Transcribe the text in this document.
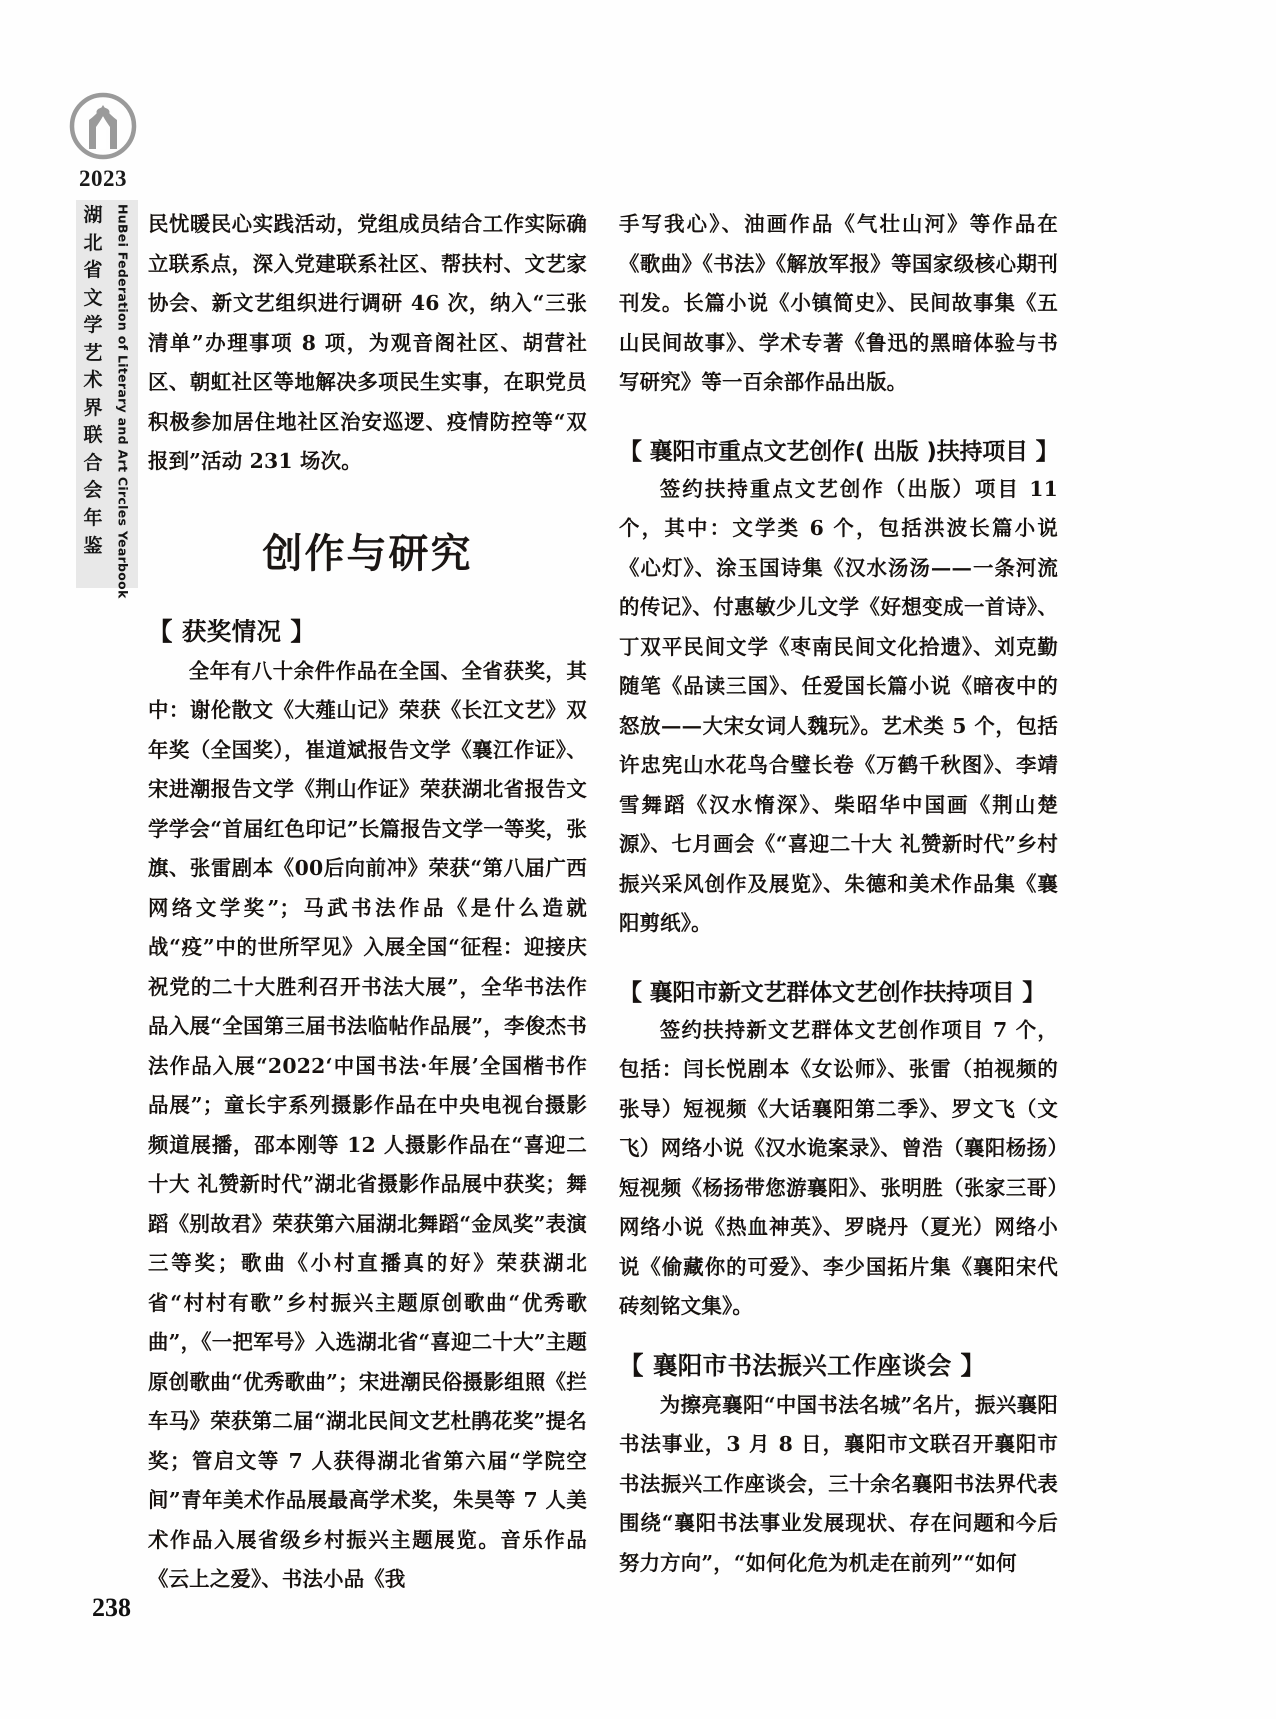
2023
湖
北
省
文
学
艺
术
界
联
合
会
年
鉴 HuBei Federation of Literary and Art Circles Yearbook
238

民忧暖民心实践活动，党组成员结合工作实际确立联系点，深入党建联系社区、帮扶村、文艺家协会、新文艺组织进行调研 46 次，纳入“三张清单”办理事项 8 项，为观音阁社区、胡营社区、朝虹社区等地解决多项民生实事，在职党员积极参加居住地社区治安巡逻、疫情防控等“双报到”活动 231 场次。

创作与研究
【 获奖情况 】

全年有八十余件作品在全国、全省获奖，其中：谢伦散文《大薤山记》荣获《长江文艺》双年奖（全国奖），崔道斌报告文学《襄江作证》、宋进潮报告文学《荆山作证》荣获湖北省报告文学学会“首届红色印记”长篇报告文学一等奖，张旗、张雷剧本《00后向前冲》荣获“第八届广西网络文学奖”；马武书法作品《是什么造就战“疫”中的世所罕见》入展全国“征程：迎接庆祝党的二十大胜利召开书法大展”，全华书法作品入展“全国第三届书法临帖作品展”，李俊杰书法作品入展“2022‘中国书法·年展’全国楷书作品展”；童长宇系列摄影作品在中央电视台摄影频道展播，邵本刚等 12 人摄影作品在“喜迎二十大 礼赞新时代”湖北省摄影作品展中获奖；舞蹈《别故君》荣获第六届湖北舞蹈“金凤奖”表演三等奖；歌曲《小村直播真的好》荣获湖北省“村村有歌”乡村振兴主题原创歌曲“优秀歌曲”，《一把军号》入选湖北省“喜迎二十大”主题原创歌曲“优秀歌曲”；宋进潮民俗摄影组照《拦车马》荣获第二届“湖北民间文艺杜鹃花奖”提名奖；管启文等 7 人获得湖北省第六届“学院空间”青年美术作品展最高学术奖，朱昊等 7 人美术作品入展省级乡村振兴主题展览。音乐作品《云上之爱》、书法小品《我

手写我心》、油画作品《气壮山河》等作品在《歌曲》《书法》《解放军报》等国家级核心期刊刊发。长篇小说《小镇简史》、民间故事集《五山民间故事》、学术专著《鲁迅的黑暗体验与书写研究》等一百余部作品出版。

【 襄阳市重点文艺创作( 出版 )扶持项目 】

签约扶持重点文艺创作（出版）项目 11 个，其中：文学类 6 个，包括洪波长篇小说《心灯》、涂玉国诗集《汉水汤汤——一条河流的传记》、付惠敏少儿文学《好想变成一首诗》、丁双平民间文学《枣南民间文化拾遗》、刘克勤随笔《品读三国》、任爱国长篇小说《暗夜中的怒放——大宋女词人魏玩》。艺术类 5 个，包括许忠宪山水花鸟合璧长卷《万鹤千秋图》、李靖雪舞蹈《汉水惰深》、柴昭华中国画《荆山楚源》、七月画会《“喜迎二十大 礼赞新时代”乡村振兴采风创作及展览》、朱德和美术作品集《襄阳剪纸》。

【 襄阳市新文艺群体文艺创作扶持项目 】

签约扶持新文艺群体文艺创作项目 7 个，包括：闫长悦剧本《女讼师》、张雷（拍视频的张导）短视频《大话襄阳第二季》、罗文飞（文飞）网络小说《汉水诡案录》、曾浩（襄阳杨扬）短视频《杨扬带您游襄阳》、张明胜（张家三哥）网络小说《热血神英》、罗晓丹（夏光）网络小说《偷藏你的可爱》、李少国拓片集《襄阳宋代砖刻铭文集》。

【 襄阳市书法振兴工作座谈会 】

为擦亮襄阳“中国书法名城”名片，振兴襄阳书法事业，3 月 8 日，襄阳市文联召开襄阳市书法振兴工作座谈会，三十余名襄阳书法界代表围绕“襄阳书法事业发展现状、存在问题和今后努力方向”，“如何化危为机走在前列”“如何
